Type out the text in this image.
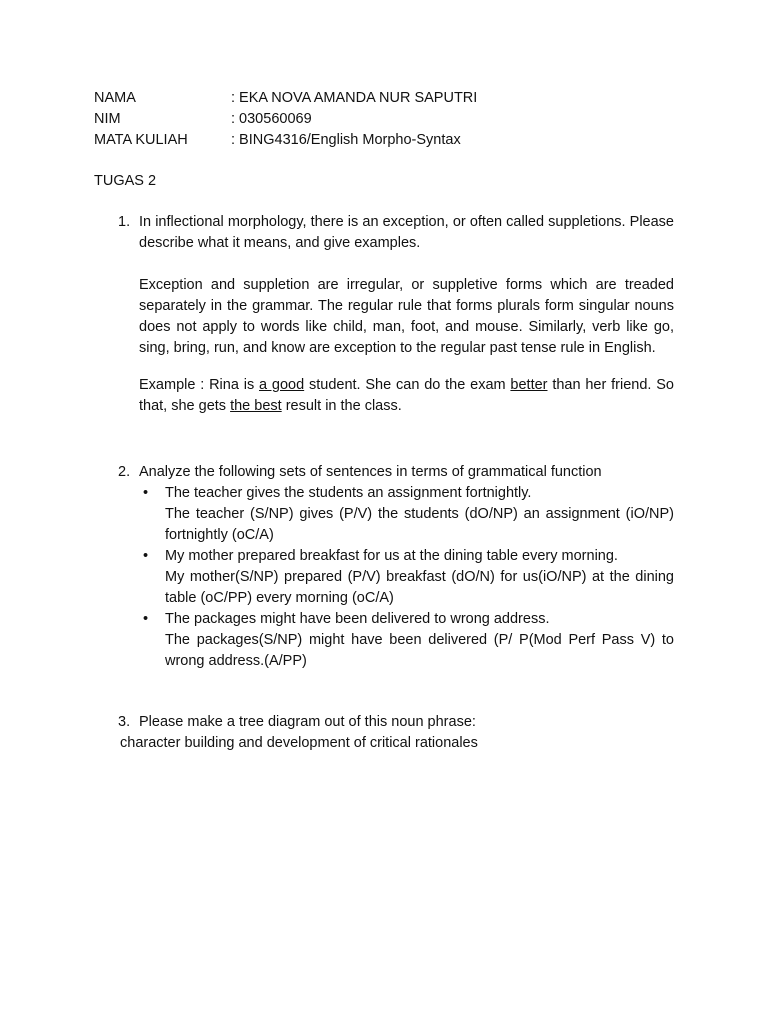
NAMA	: EKA NOVA AMANDA NUR SAPUTRI
NIM	: 030560069
MATA KULIAH	: BING4316/English Morpho-Syntax
TUGAS 2
1. In inflectional morphology, there is an exception, or often called suppletions. Please describe what it means, and give examples.
Exception and suppletion are irregular, or suppletive forms which are treaded separately in the grammar. The regular rule that forms plurals form singular nouns does not apply to words like child, man, foot, and mouse. Similarly, verb like go, sing, bring, run, and know are exception to the regular past tense rule in English.
Example : Rina is a good student. She can do the exam better than her friend. So that, she gets the best result in the class.
2. Analyze the following sets of sentences in terms of grammatical function
• The teacher gives the students an assignment fortnightly.
The teacher (S/NP) gives (P/V) the students (dO/NP) an assignment (iO/NP) fortnightly (oC/A)
• My mother prepared breakfast for us at the dining table every morning.
My mother(S/NP) prepared (P/V) breakfast (dO/N) for us(iO/NP) at the dining table (oC/PP) every morning (oC/A)
• The packages might have been delivered to wrong address.
The packages(S/NP) might have been delivered (P/ P(Mod Perf Pass V) to wrong address.(A/PP)
3. Please make a tree diagram out of this noun phrase:
character building and development of critical rationales
